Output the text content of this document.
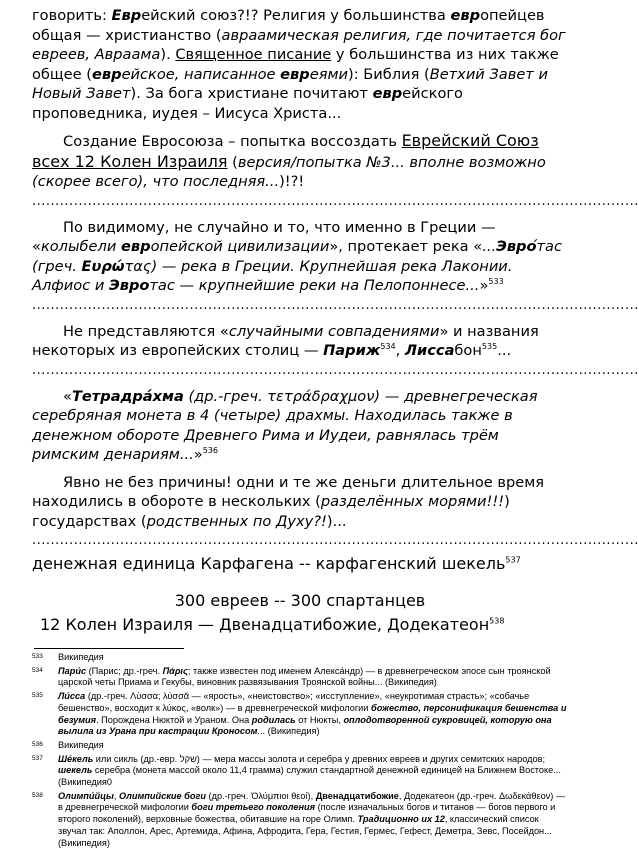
говорить: Еврейский союз?!? Религия у большинства европейцев общая — христианство (авраамическая религия, где почитается бог евреев, Авраама). Священное писание у большинства из них также общее (еврейское, написанное евреями): Библия (Ветхий Завет и Новый Завет). За бога христиане почитают еврейского проповедника, иудея – Иисуса Христа...

Создание Евросоюза – попытка воссоздать Еврейский Союз всех 12 Колен Израиля (версия/попытка №3... вполне возможно (скорее всего), что последняя...)!?!

...................................................................................................................................

По видимому, не случайно и то, что именно в Греции — «колыбели европейской цивилизации», протекает река «...Эвро́тас (греч. Ευρώτας) — река в Греции. Крупнейшая река Лаконии. Алфиос и Эвротас — крупнейшие реки на Пелопоннесе...»$^{533}$

...................................................................................................................................

Не представляются «случайными совпадениями» и названия некоторых из европейских столиц — Париж$^{534}$, Лиссабон$^{535}$...

...................................................................................................................................

«Тетрадра́хма (др.-греч. τετράδραχμον) — древнегреческая серебряная монета в 4 (четыре) драхмы. Находилась также в денежном обороте Древнего Рима и Иудеи, равнялась трём римским денариям...»$^{536}$

Явно не без причины! одни и те же деньги длительное время находились в обороте в нескольких (разделённых морями!!!) государствах (родственных по Духу?!)...

...................................................................................................................................

денежная единица Карфагена -- карфагенский шекель$^{537}$

300 евреев -- 300 спартанцев

12 Колен Израиля — Двенадцатибожие, Додекатеон$^{538}$

533 Википедия
534 Пари́с (Парис; др.-греч. Πάρις; также известен под именем Алекса́ндр) — в древнегреческом эпосе сын троянской царской четы Приама и Гекубы, виновник развязывания Троянской войны... (Википедия)
535 Ли́сса (др.-греч. Λύσσα; λύσσᾰ — «ярость», «неистовство»; «исступление», «неукротимая страсть»; «собачье бешенство», восходит к λύκος, «волк») — в древнегреческой мифологии божество, персонификация бешенства и безумия. Порождена Нюктой и Ураном. Она родилась от Нюкты, оплодотворенной сукровицей, которую она вылила из Урана при кастрации Кроносом... (Википедия)
536 Википедия
537 Ше́кель или сикль (др.-евр. שקל) — мера массы золота и серебра у древних евреев и других семитских народов; шекель серебра (монета массой около 11,4 грамма) служил стандартной денежной единицей на Ближнем Востоке... (Википедия0
538 Олимпи́йцы, Олимпийские боги (др.-греч. Ὀλύμπιοι θεοί), Двенадцатибожие, Додекатеон (др.-греч. Δωδεκάθεον) — в древнегреческой мифологии боги третьего поколения (после изначальных богов и титанов — богов первого и второго поколений), верховные божества, обитавшие на горе Олимп. Традиционно их 12, классический список звучал так: Аполлон, Арес, Артемида, Афина, Афродита, Гера, Гестия, Гермес, Гефест, Деметра, Зевс, Посейдон... (Википедия)
